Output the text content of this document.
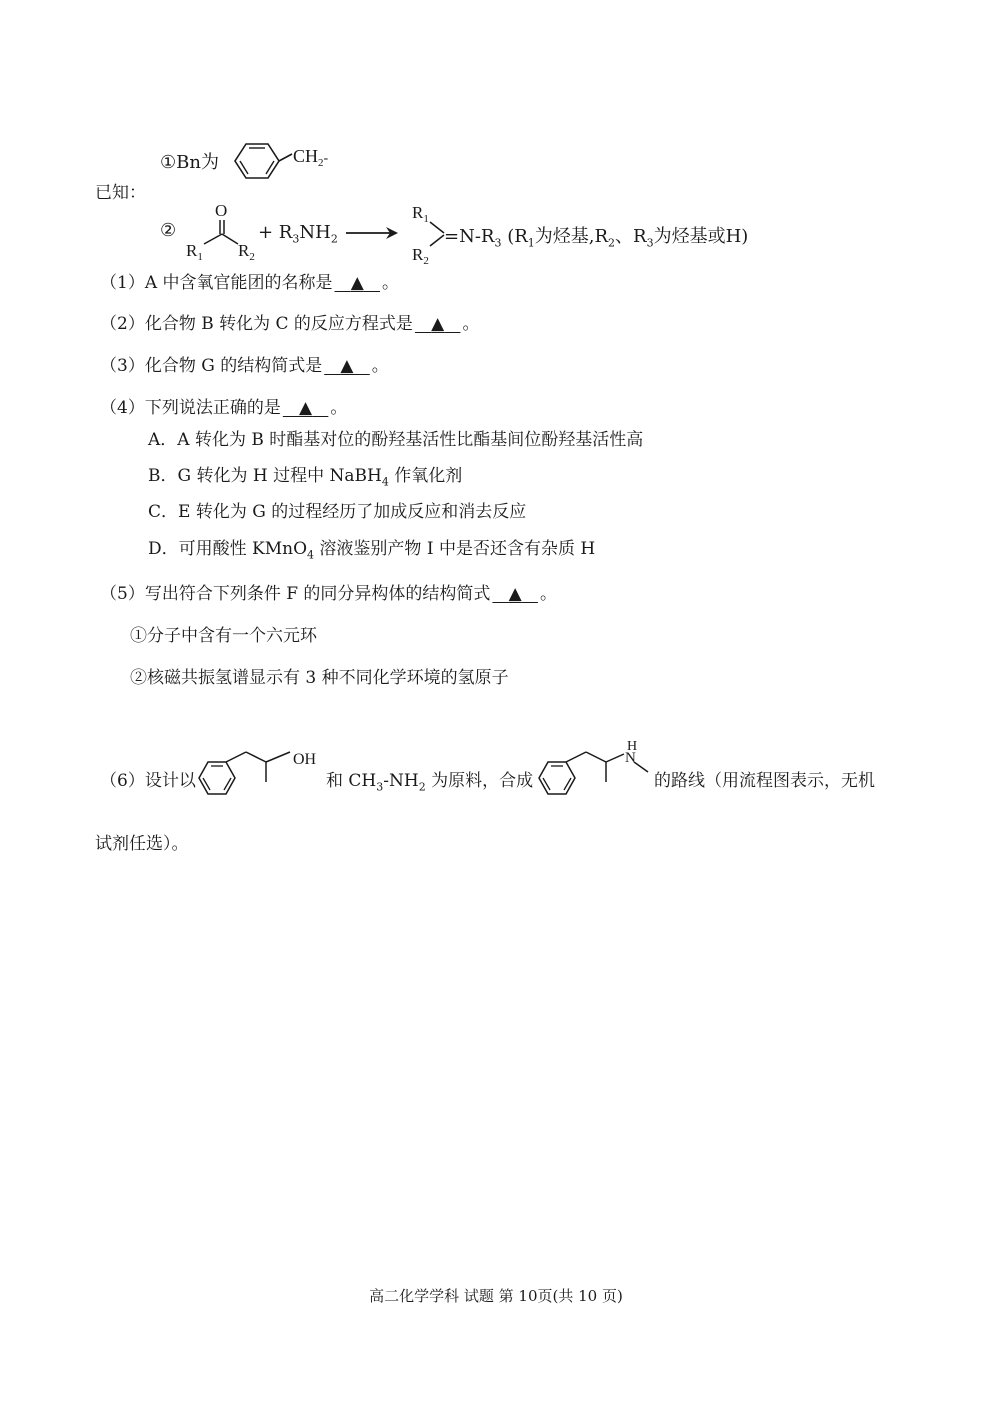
已知：
①Bn为	$CH_2^-$
②
O
$R_1$ $R_2$
+ $R_3NH_2$ →
$R_1$
$R_2$
$=N-R_3$ ($R_1$为烃基$,R_2$、$R_3$为烃基或H)
（1）A 中含氧官能团的名称是 ▲ 。
（2）化合物 B 转化为 C 的反应方程式是 ▲ 。
（3）化合物 G 的结构简式是 ▲ 。
（4）下列说法正确的是 ▲ 。
A．A 转化为 B 时酯基对位的酚羟基活性比酯基间位酚羟基活性高
B．G 转化为 H 过程中 NaBH$_4$ 作氧化剂
C．E 转化为 G 的过程经历了加成反应和消去反应
D．可用酸性 KMnO$_4$ 溶液鉴别产物 I 中是否还含有杂质 H
（5）写出符合下列条件 F 的同分异构体的结构简式 ▲ 。
①分子中含有一个六元环
②核磁共振氢谱显示有 3 种不同化学环境的氢原子
（6）设计以
OH
和 $CH_3-NH_2$ 为原料，合成
H
N
的路线（用流程图表示，无机
试剂任选）。
高二化学学科 试题 第 10页(共 10 页)
